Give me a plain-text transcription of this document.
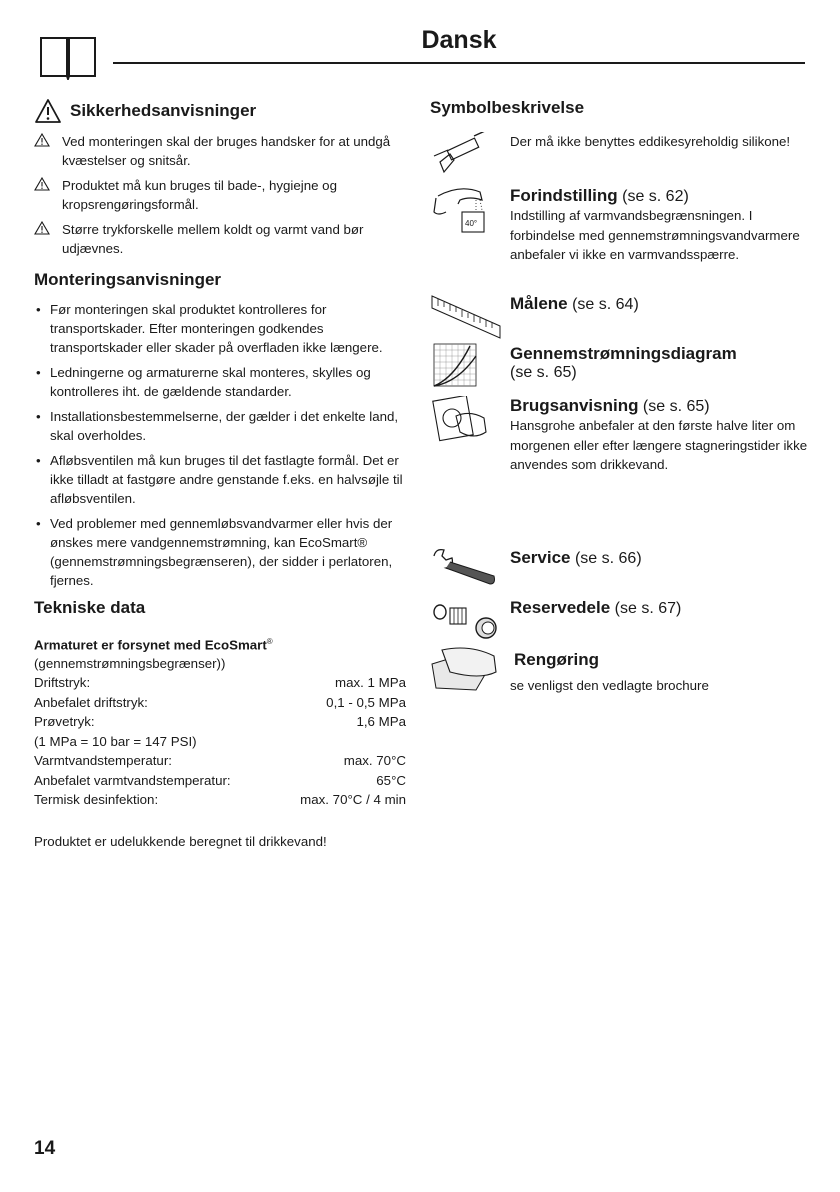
Dansk
Sikkerhedsanvisninger
Ved monteringen skal der bruges handsker for at undgå kvæstelser og snitsår.
Produktet må kun bruges til bade-, hygiejne og kropsrengøringsformål.
Større trykforskelle mellem koldt og varmt vand bør udjævnes.
Monteringsanvisninger
• Før monteringen skal produktet kontrolleres for transportskader. Efter monteringen godkendes transportskader eller skader på overfladen ikke længere.
• Ledningerne og armaturerne skal monteres, skylles og kontrolleres iht. de gældende standarder.
• Installationsbestemmelserne, der gælder i det enkelte land, skal overholdes.
• Afløbsventilen må kun bruges til det fastlagte formål. Det er ikke tilladt at fastgøre andre genstande f.eks. en halvsøjle til afløbsventilen.
• Ved problemer med gennemløbsvandvarmer eller hvis der ønskes mere vandgennemstrømning, kan EcoSmart® (gennemstrømningsbegrænseren), der sidder i perlatoren, fjernes.
Tekniske data
Armaturet er forsynet med EcoSmart® (gennemstrømningsbegrænser))
Driftstryk:	max. 1 MPa
Anbefalet driftstryk:	0,1 - 0,5 MPa
Prøvetryk:	1,6 MPa
(1 MPa = 10 bar = 147 PSI)
Varmtvandstemperatur:	max. 70°C
Anbefalet varmtvandstemperatur:	65°C
Termisk desinfektion:	max. 70°C / 4 min
Produktet er udelukkende beregnet til drikkevand!
Symbolbeskrivelse
Der må ikke benyttes eddikesyreholdig silikone!
40°
Forindstilling (se s. 62)
Indstilling af varmvandsbegrænsningen. I forbindelse med gennemstrømningsvandvarmere anbefaler vi ikke en varmvandsspærre.
Målene (se s. 64)
Gennemstrømningsdiagram
(se s. 65)
Brugsanvisning (se s. 65)
Hansgrohe anbefaler at den første halve liter om morgenen eller efter længere stagneringstider ikke anvendes som drikkevand.
Service (se s. 66)
Reservedele (se s. 67)
Rengøring
se venligst den vedlagte brochure
14
